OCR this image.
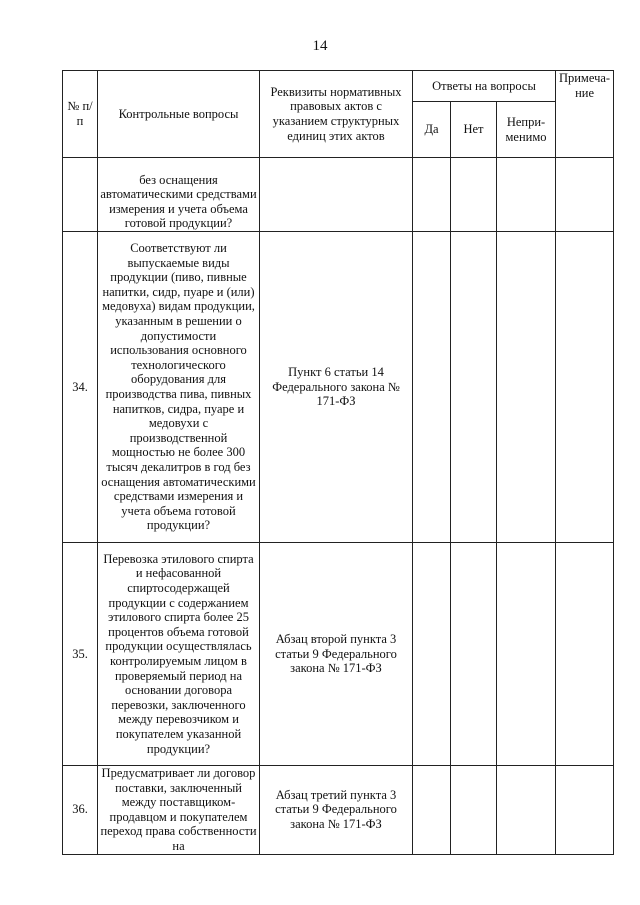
14
№ п/п	Контрольные вопросы	Реквизиты нормативных правовых актов с указанием структурных единиц этих актов	Ответы на вопросы			Примеча-ние
			Да	Нет	Непри-менимо	
	без оснащения автоматическими средствами измерения и учета объема готовой продукции?					
34.	Соответствуют ли выпускаемые виды продукции (пиво, пивные напитки, сидр, пуаре и (или) медовуха) видам продукции, указанным в решении о допустимости использования основного технологического оборудования для производства пива, пивных напитков, сидра, пуаре и медовухи с производственной мощностью не более 300 тысяч декалитров в год без оснащения автоматическими средствами измерения и учета объема готовой продукции?	Пункт 6 статьи 14 Федерального закона № 171-ФЗ				
35.	Перевозка этилового спирта и нефасованной спиртосодержащей продукции с содержанием этилового спирта более 25 процентов объема готовой продукции осуществлялась контролируемым лицом в проверяемый период на основании договора перевозки, заключенного между перевозчиком и покупателем указанной продукции?	Абзац второй пункта 3 статьи 9 Федерального закона № 171-ФЗ				
36.	Предусматривает ли договор поставки, заключенный между поставщиком-продавцом и покупателем переход права собственности на	Абзац третий пункта 3 статьи 9 Федерального закона № 171-ФЗ				
